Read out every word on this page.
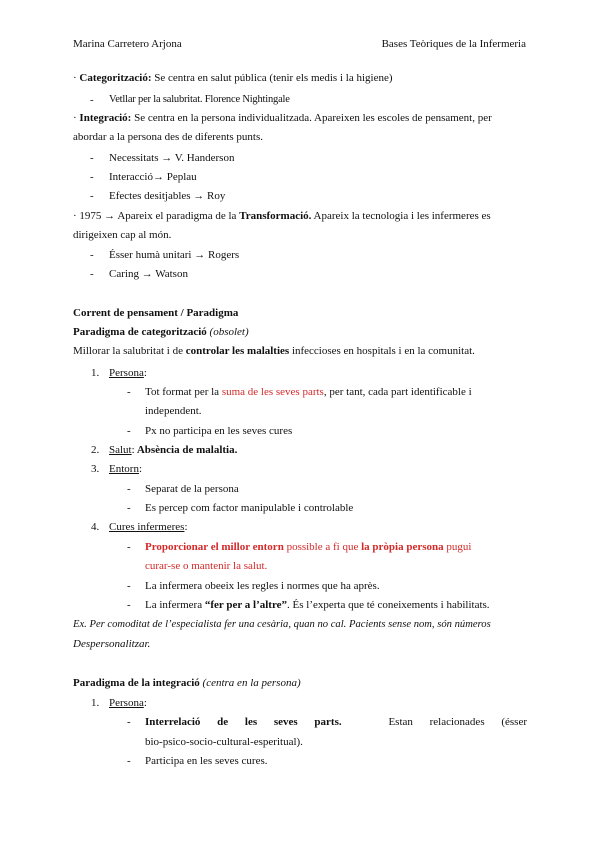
Marina Carretero Arjona	Bases Teòriques de la Infermeria
· Categorització: Se centra en salut pública (tenir els medis i la higiene)
- Vetllar per la salubritat. Florence Nightingale
· Integració: Se centra en la persona individualitzada. Apareixen les escoles de pensament, per
abordar a la persona des de diferents punts.
- Necessitats → V. Handerson
- Interacció→ Peplau
- Efectes desitjables → Roy
· 1975 → Apareix el paradigma de la Transformació. Apareix la tecnologia i les infermeres es
dirigeixen cap al món.
- Ésser humà unitari → Rogers
- Caring → Watson
Corrent de pensament / Paradigma
Paradigma de categorització (obsolet)
Millorar la salubritat i de controlar les malalties infeccioses en hospitals i en la comunitat.
1. Persona:
- Tot format per la suma de les seves parts, per tant, cada part identificable i
independent.
- Px no participa en les seves cures
2. Salut: Absència de malaltia.
3. Entorn:
- Separat de la persona
- Es percep com factor manipulable i controlable
4. Cures infermeres:
- Proporcionar el millor entorn possible a fi que la pròpia persona pugui
curar-se o mantenir la salut.
- La infermera obeeix les regles i normes que ha après.
- La infermera “fer per a l’altre”. És l’experta que té coneixements i habilitats.
Ex. Per comoditat de l’especialista fer una cesària, quan no cal. Pacients sense nom, són números
Despersonalitzar.
Paradigma de la integració (centra en la persona)
1. Persona:
- Interrelació de les seves parts.	Estan relacionades (ésser
bio-psico-socio-cultural-esperitual).
- Participa en les seves cures.
